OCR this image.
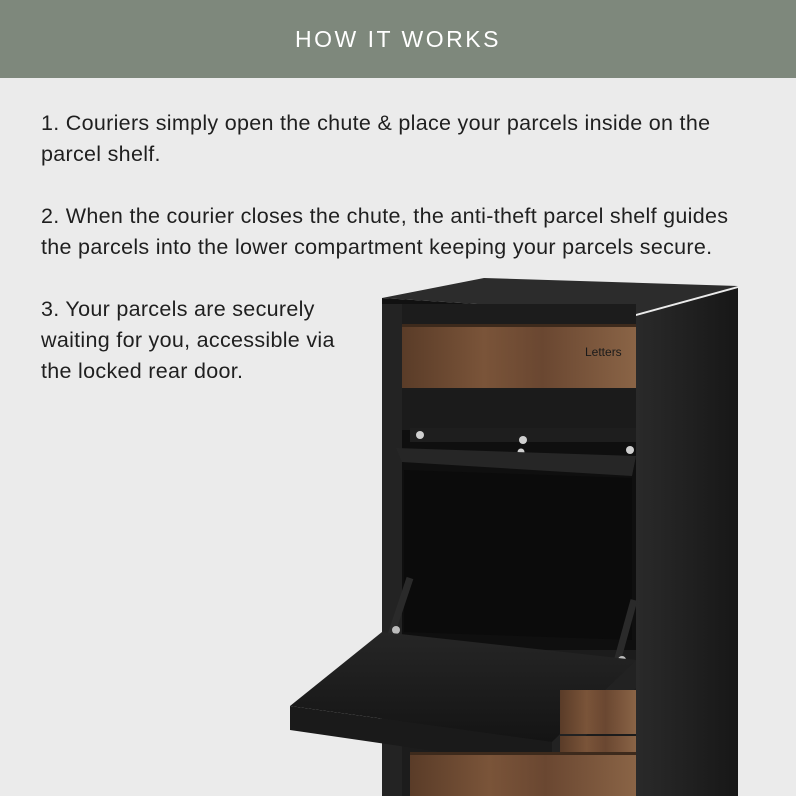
HOW IT WORKS

1. Couriers simply open the chute & place your parcels inside on the parcel shelf.

2. When the courier closes the chute, the anti-theft parcel shelf guides the parcels into the lower compartment keeping your parcels secure.

3. Your parcels are securely waiting for you, accessible via the locked rear door.

Letters
